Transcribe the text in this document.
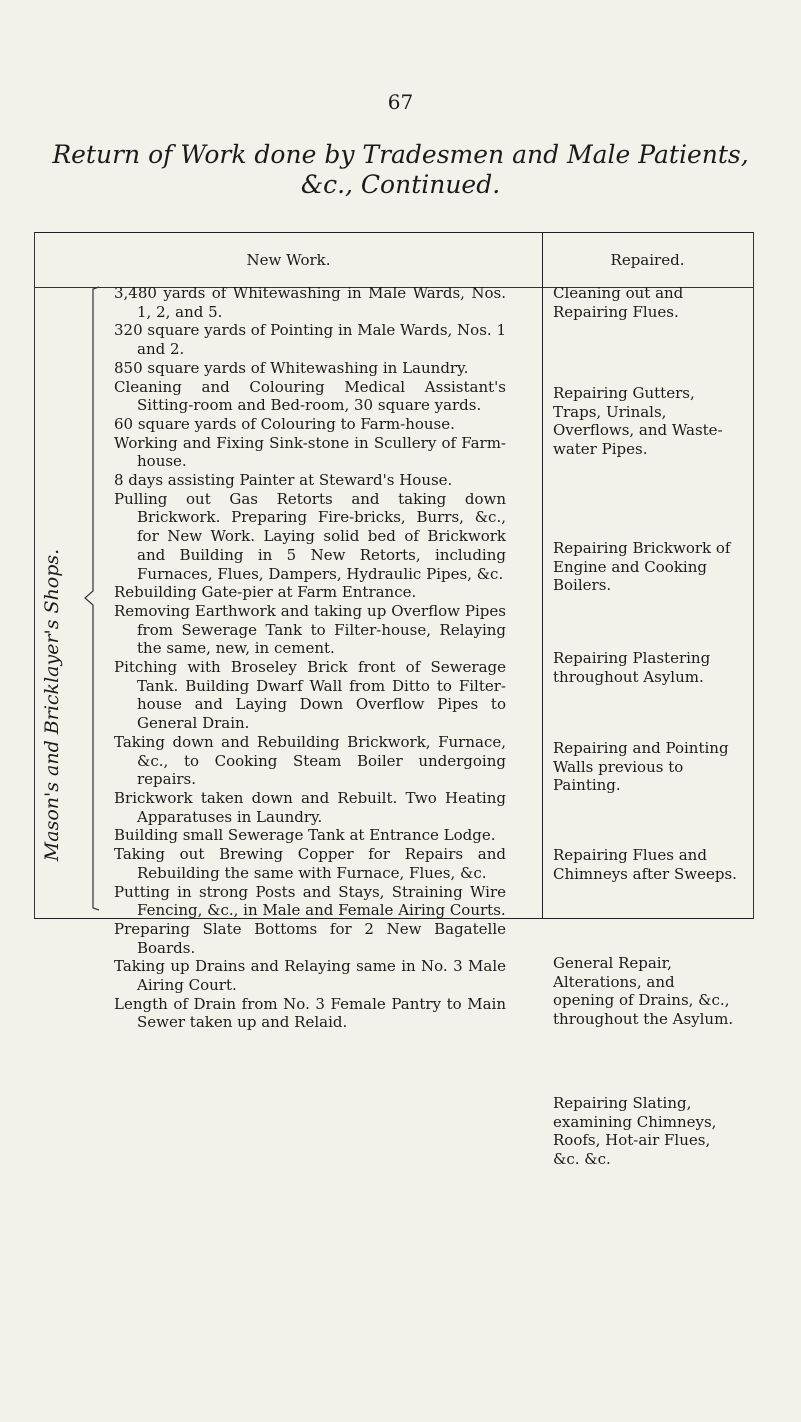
67
Return of Work done by Tradesmen and Male Patients,
&c., Continued.
New Work.	Repaired.
Mason's and Bricklayer's Shops.
3,480 yards of Whitewashing in Male Wards, Nos. 1, 2, and 5.
320 square yards of Pointing in Male Wards, Nos. 1 and 2.
850 square yards of Whitewashing in Laundry.
Cleaning and Colouring Medical Assistant's Sitting-room and Bed-room, 30 square yards.
60 square yards of Colouring to Farm-house.
Working and Fixing Sink-stone in Scullery of Farm-house.
8 days assisting Painter at Steward's House.
Pulling out Gas Retorts and taking down Brickwork. Preparing Fire-bricks, Burrs, &c., for New Work. Laying solid bed of Brickwork and Building in 5 New Retorts, including Furnaces, Flues, Dampers, Hydraulic Pipes, &c.
Rebuilding Gate-pier at Farm Entrance.
Removing Earthwork and taking up Overflow Pipes from Sewerage Tank to Filter-house, Relaying the same, new, in cement.
Pitching with Broseley Brick front of Sewerage Tank. Building Dwarf Wall from Ditto to Filter-house and Laying Down Overflow Pipes to General Drain.
Taking down and Rebuilding Brickwork, Furnace, &c., to Cooking Steam Boiler undergoing repairs.
Brickwork taken down and Rebuilt. Two Heating Apparatuses in Laundry.
Building small Sewerage Tank at Entrance Lodge.
Taking out Brewing Copper for Repairs and Rebuilding the same with Furnace, Flues, &c.
Putting in strong Posts and Stays, Straining Wire Fencing, &c., in Male and Female Airing Courts.
Preparing Slate Bottoms for 2 New Bagatelle Boards.
Taking up Drains and Relaying same in No. 3 Male Airing Court.
Length of Drain from No. 3 Female Pantry to Main Sewer taken up and Relaid.
Cleaning out and Repairing Flues.
Repairing Gutters, Traps, Urinals, Overflows, and Waste-water Pipes.
Repairing Brickwork of Engine and Cooking Boilers.
Repairing Plastering throughout Asylum.
Repairing and Pointing Walls previous to Painting.
Repairing Flues and Chimneys after Sweeps.
General Repair, Alterations, and opening of Drains, &c., throughout the Asylum.
Repairing Slating, examining Chimneys, Roofs, Hot-air Flues, &c. &c.
